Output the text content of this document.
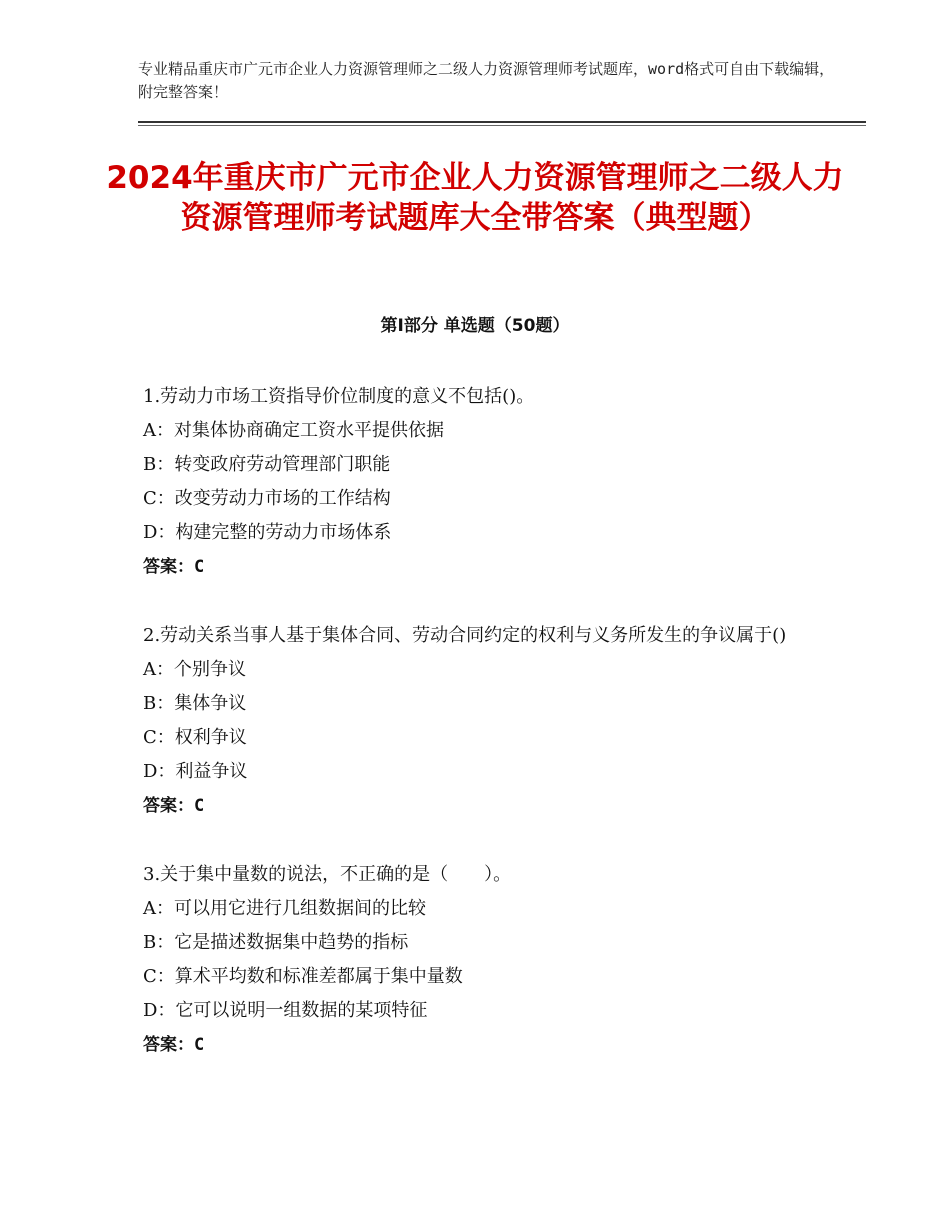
专业精品重庆市广元市企业人力资源管理师之二级人力资源管理师考试题库，word格式可自由下载编辑，附完整答案！
2024年重庆市广元市企业人力资源管理师之二级人力资源管理师考试题库大全带答案（典型题）
第Ⅰ部分 单选题（50题）

1.劳动力市场工资指导价位制度的意义不包括()。

A：对集体协商确定工资水平提供依据

B：转变政府劳动管理部门职能

C：改变劳动力市场的工作结构

D：构建完整的劳动力市场体系

答案：C

2.劳动关系当事人基于集体合同、劳动合同约定的权利与义务所发生的争议属于()

A：个别争议

B：集体争议

C：权利争议

D：利益争议

答案：C

3.关于集中量数的说法，不正确的是（　　）。

A：可以用它进行几组数据间的比较

B：它是描述数据集中趋势的指标

C：算术平均数和标准差都属于集中量数

D：它可以说明一组数据的某项特征

答案：C
